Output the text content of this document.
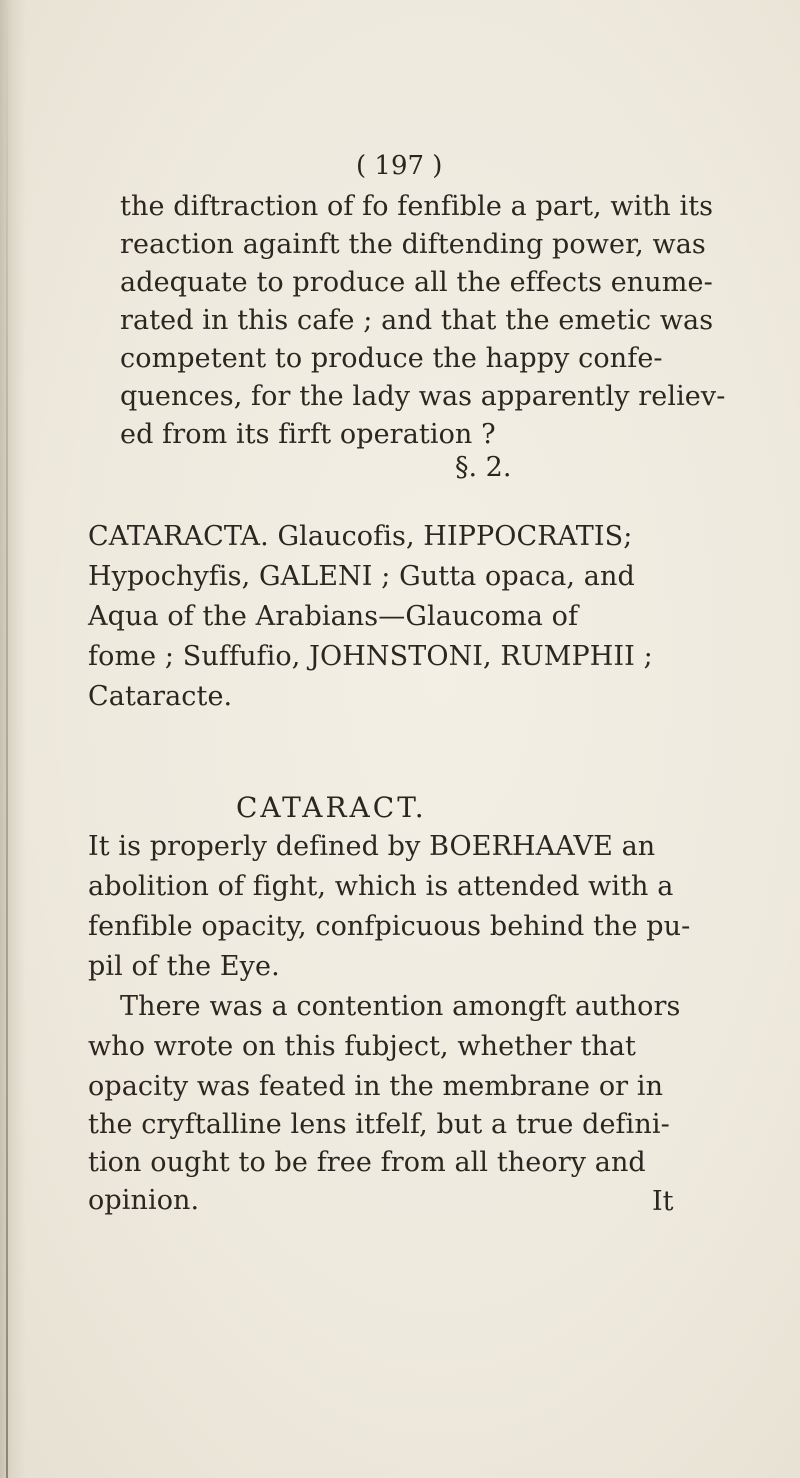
( 197 )
the diftraction of fo fenfible a part, with its
reaction againft the diftending power, was
adequate to produce all the effects enume-
rated in this cafe ; and that the emetic was
competent to produce the happy confe-
quences, for the lady was apparently reliev-
ed from its firft operation ?
§. 2.
CATARACTA. Glaucofis, HIPPOCRATIS;
Hypochyfis, GALENI ; Gutta opaca, and
Aqua of the Arabians—Glaucoma of
fome ; Suffufio, JOHNSTONI, RUMPHII ;
Cataracte.
CATARACT.
It is properly defined by BOERHAAVE an
abolition of fight, which is attended with a
fenfible opacity, confpicuous behind the pu-
pil of the Eye.
There was a contention amongft authors
who wrote on this fubject, whether that
opacity was feated in the membrane or in
the cryftalline lens itfelf, but a true defini-
tion ought to be free from all theory and
opinion.	It
